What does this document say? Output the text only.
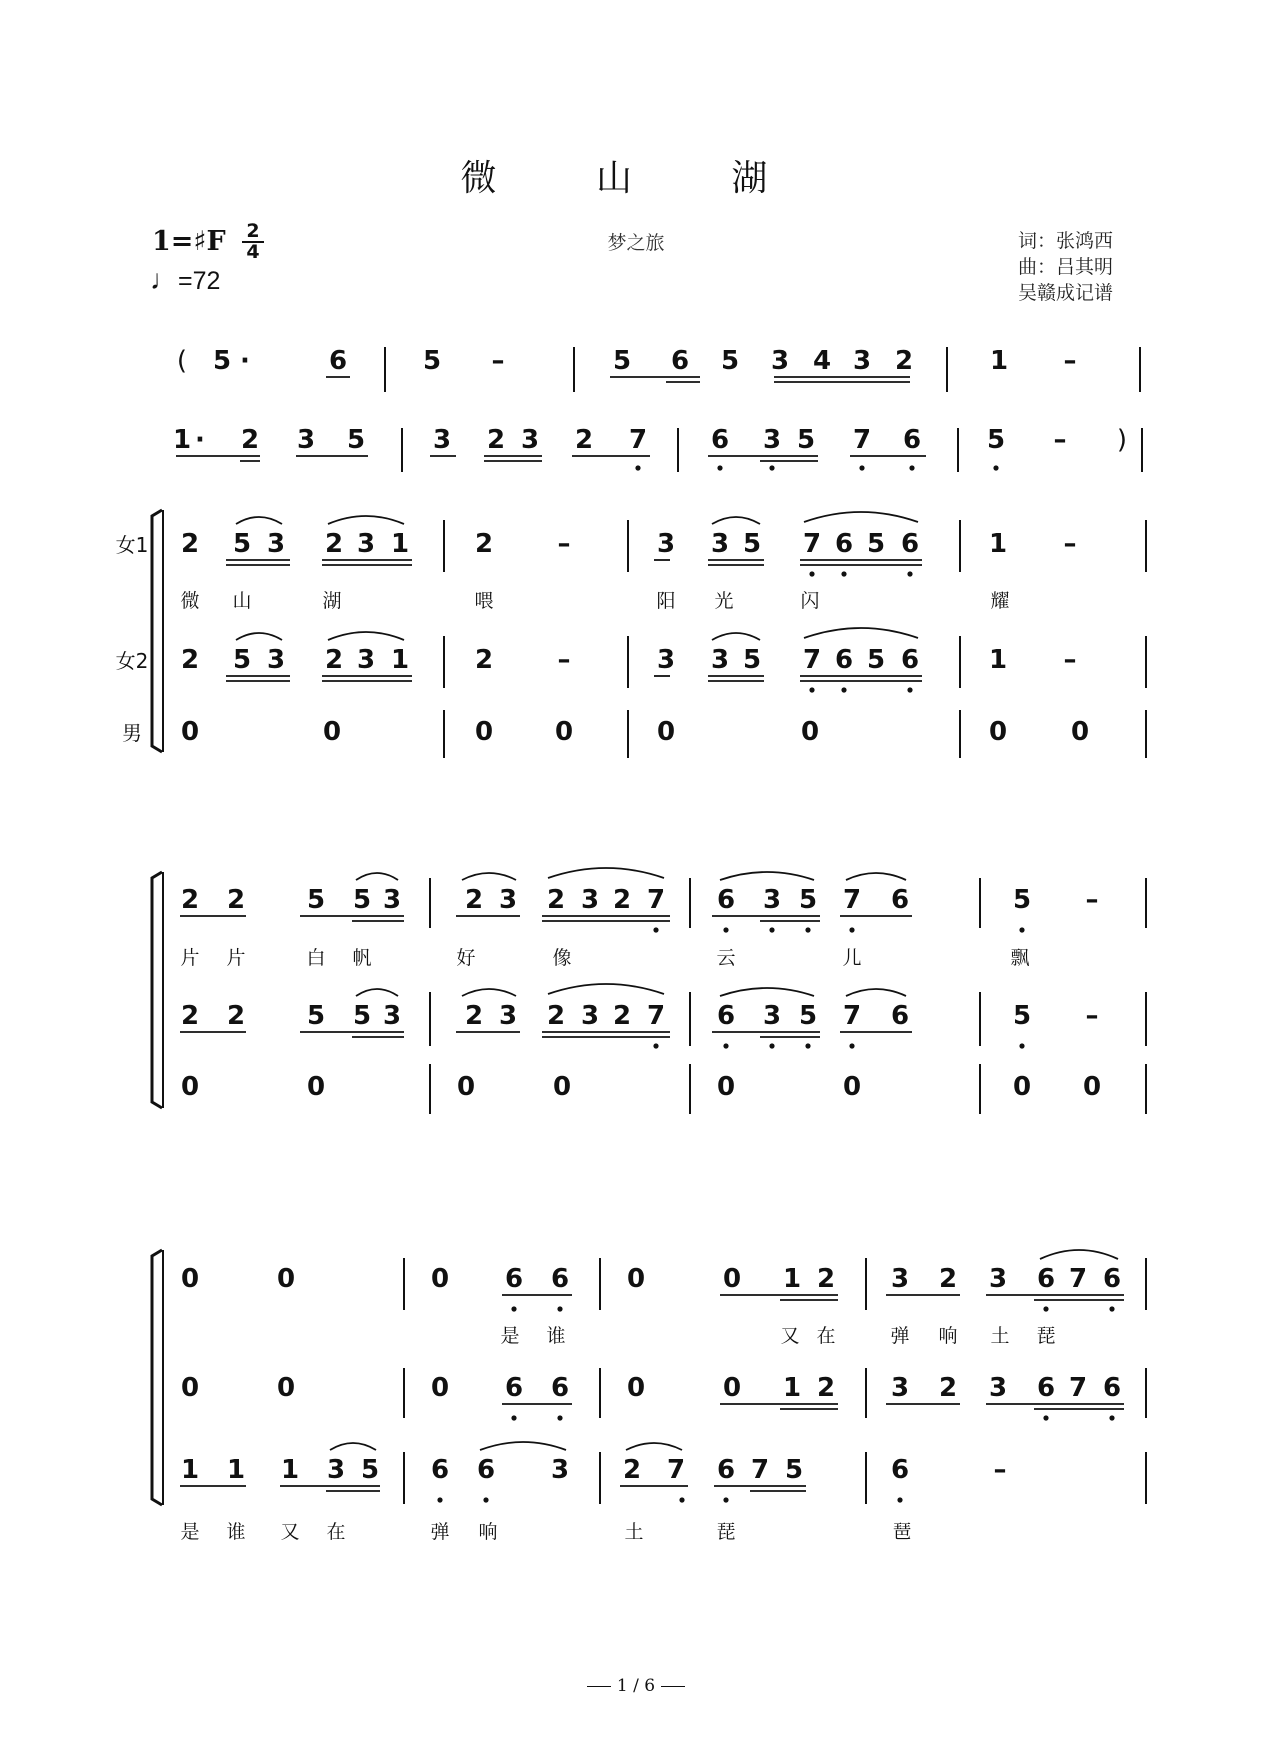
微 山 湖
梦之旅	词：张鸿西
曲：吕其明
吴赣成记谱
1=♯F $\frac{2}{4}$
♩=72
( 5 ·	6	5 –	5 6 5 3 4 3 2	1 –
1 · 2 3 5	3 2 3 2 7 6 3 5 7 6	5 – )
女1
女2
男
2 5 3 2 3 1	2 –	3 3 5 7 6 5 6	1 –
2 5 3 2 3 1	2 –	3 3 5 7 6 5 6	1 –
0	0	0 0	0	0	0 0
微 山	湖	喂	阳 光	闪	耀
2 2 5 5 3 2 3 2 3 2 7 6 3 5 7 6	5 –
2 2 5 5 3 2 3 2 3 2 7 6 3 5 7 6	5 –
0	0	0	0	0	0	0 0
片 片	白 帆	好	像	云	儿	飘
0	0	0 6 6 0	0 1 2 3 2 3 6 7 6
0	0	0 6 6 0	0 1 2 3 2 3 6 7 6
是 谁	又 在	弹 响 土 琵
1 1 1 3 5 6 6 3 2 7 6 7 5	6	–
是 谁 又 在	弹 响	土	琵	琶
1 / 6
